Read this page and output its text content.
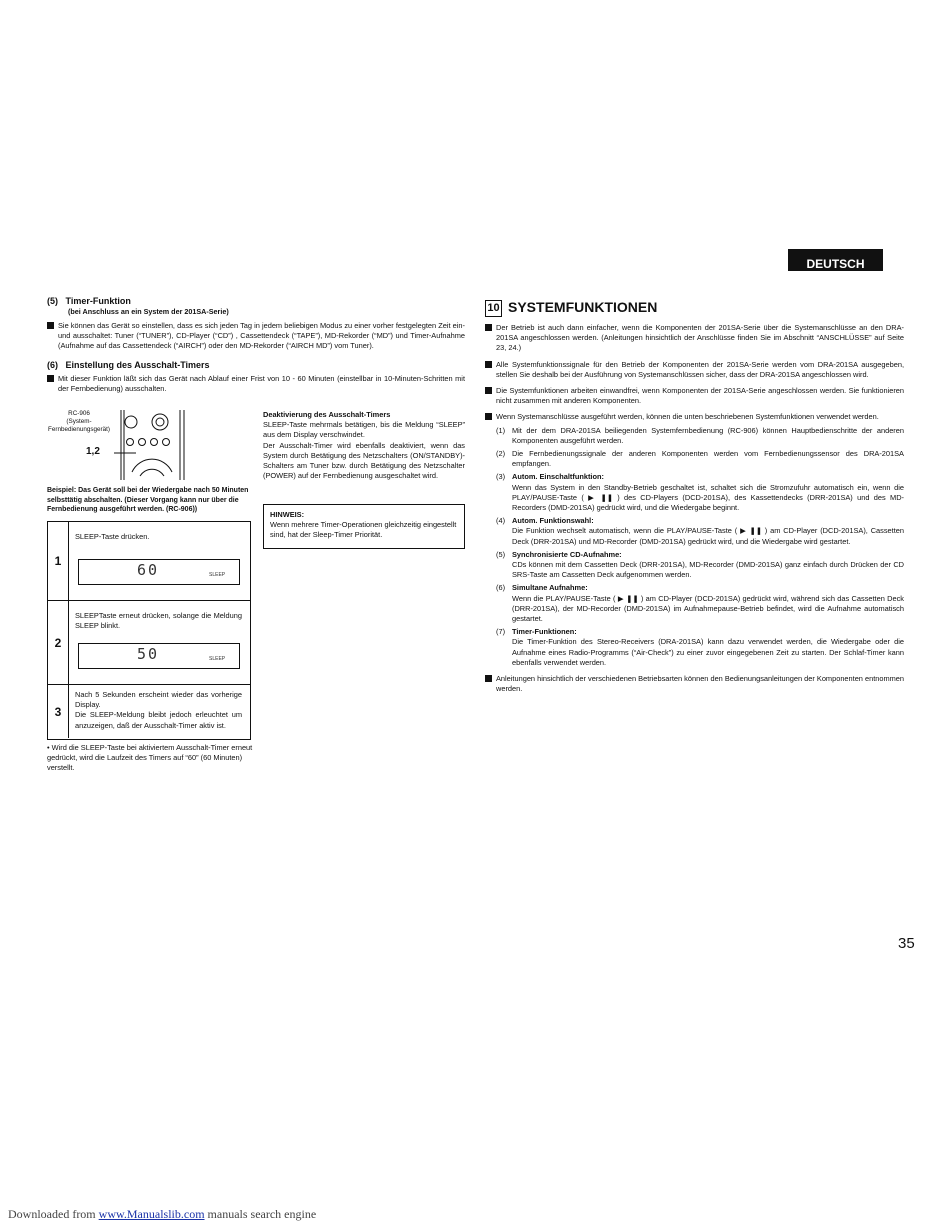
DEUTSCH
(5) Timer-Funktion
(bei Anschluss an ein System der 201SA-Serie)
Sie können das Gerät so einstellen, dass es sich jeden Tag in jedem beliebigen Modus zu einer vorher festgelegten Zeit ein- und ausschaltet: Tuner (“TUNER”), CD-Player (“CD”) , Cassettendeck (“TAPE”), MD-Rekorder (“MD”) und Timer-Aufnahme (Aufnahme auf das Cassettendeck (“AIRCH”) oder den MD-Rekorder (“AIRCH MD”) vom Tuner).
(6) Einstellung des Ausschalt-Timers
Mit dieser Funktion läßt sich das Gerät nach Ablauf einer Frist von 10 - 60 Minuten (einstellbar in 10-Minuten-Schritten mit der Fernbedienung) ausschalten.
RC-906
(System-
Fernbedienungsgerät)
1,2
Beispiel: Das Gerät soll bei der Wiedergabe nach 50 Minuten selbsttätig abschalten. (Dieser Vorgang kann nur über die Fernbedienung ausgeführt werden. (RC-906))
1
SLEEP-Taste drücken.
60	SLEEP
2
SLEEPTaste erneut drücken, solange die Meldung SLEEP blinkt.
50	SLEEP
3
Nach 5 Sekunden erscheint wieder das vorherige Display.
Die SLEEP-Meldung bleibt jedoch erleuchtet um anzuzeigen, daß der Ausschalt-Timer aktiv ist.
• Wird die SLEEP-Taste bei aktiviertem Ausschalt-Timer erneut gedrückt, wird die Laufzeit des Timers auf “60” (60 Minuten) verstellt.
Deaktivierung des Ausschalt-Timers
SLEEP-Taste mehrmals betätigen, bis die Meldung “SLEEP” aus dem Display verschwindet.
Der Ausschalt-Timer wird ebenfalls deaktiviert, wenn das System durch Betätigung des Netzschalters (ON/STANDBY)-Schalters am Tuner bzw. durch Betätigung des Netzschalter (POWER) auf der Fernbedienung ausgeschaltet wird.
HINWEIS:
Wenn mehrere Timer-Operationen gleichzeitig eingestellt sind, hat der Sleep-Timer Priorität.
10 SYSTEMFUNKTIONEN
Der Betrieb ist auch dann einfacher, wenn die Komponenten der 201SA-Serie über die Systemanschlüsse an den DRA-201SA angeschlossen werden. (Anleitungen hinsichtlich der Anschlüsse finden Sie im Abschnitt “ANSCHLÜSSE” auf Seite 23, 24.)
Alle Systemfunktionssignale für den Betrieb der Komponenten der 201SA-Serie werden vom DRA-201SA ausgegeben, stellen Sie deshalb bei der Ausführung von Systemanschlüssen sicher, dass der DRA-201SA angeschlossen wird.
Die Systemfunktionen arbeiten einwandfrei, wenn Komponenten der 201SA-Serie angeschlossen werden. Sie funktionieren nicht zusammen mit anderen Komponenten.
Wenn Systemanschlüsse ausgeführt werden, können die unten beschriebenen Systemfunktionen verwendet werden.
(1) Mit der dem DRA-201SA beiliegenden Systemfernbedienung (RC-906) können Hauptbedienschritte der anderen Komponenten ausgeführt werden.
(2) Die Fernbedienungssignale der anderen Komponenten werden vom Fernbedienungssensor des DRA-201SA empfangen.
(3) Autom. Einschaltfunktion:
Wenn das System in den Standby-Betrieb geschaltet ist, schaltet sich die Stromzufuhr automatisch ein, wenn die PLAY/PAUSE-Taste ( ▶ ❚❚ ) des CD-Players (DCD-201SA), des Kassettendecks (DRR-201SA) und des MD-Recorders (DMD-201SA) gedrückt wird, und die Wiedergabe beginnt.
(4) Autom. Funktionswahl:
Die Funktion wechselt automatisch, wenn die PLAY/PAUSE-Taste ( ▶ ❚❚ ) am CD-Player (DCD-201SA), Cassetten Deck (DRR-201SA) und MD-Recorder (DMD-201SA) gedrückt wird, und die Wiedergabe wird gestartet.
(5) Synchronisierte CD-Aufnahme:
CDs können mit dem Cassetten Deck (DRR-201SA), MD-Recorder (DMD-201SA) ganz einfach durch Drücken der CD SRS-Taste am Cassetten Deck aufgenommen werden.
(6) Simultane Aufnahme:
Wenn die PLAY/PAUSE-Taste ( ▶ ❚❚ ) am CD-Player (DCD-201SA) gedrückt wird, während sich das Cassetten Deck (DRR-201SA), der MD-Recorder (DMD-201SA) im Aufnahmepause-Betrieb befindet, wird die Aufnahme automatisch gestartet.
(7) Timer-Funktionen:
Die Timer-Funktion des Stereo-Receivers (DRA-201SA) kann dazu verwendet werden, die Wiedergabe oder die Aufnahme eines Radio-Programms (“Air-Check”) zu einer zuvor eingegebenen Zeit zu starten. Der Schlaf-Timer kann ebenfalls verwendet werden.
Anleitungen hinsichtlich der verschiedenen Betriebsarten können den Bedienungsanleitungen der Komponenten entnommen werden.
35
Downloaded from www.Manualslib.com manuals search engine
